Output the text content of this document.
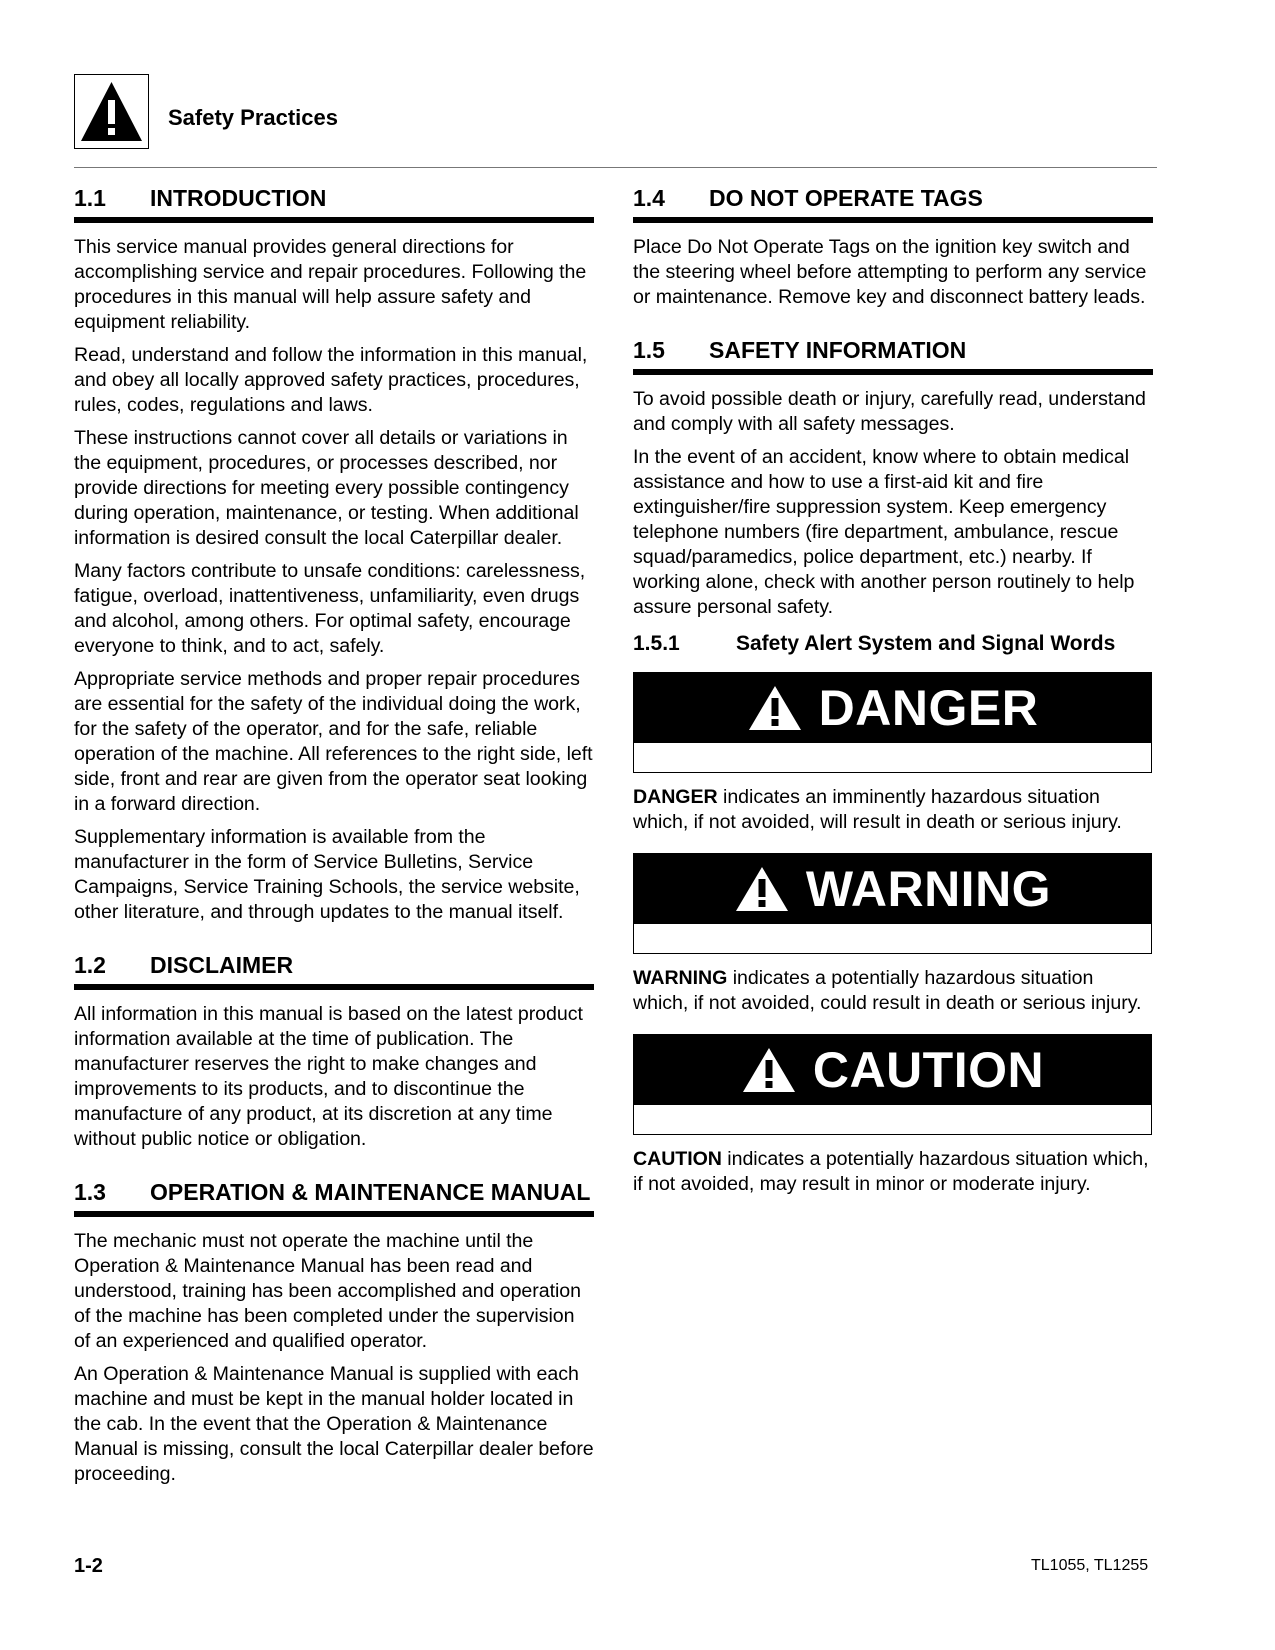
Safety Practices
1.1	INTRODUCTION

This service manual provides general directions for accomplishing service and repair procedures. Following the procedures in this manual will help assure safety and equipment reliability.

Read, understand and follow the information in this manual, and obey all locally approved safety practices, procedures, rules, codes, regulations and laws.

These instructions cannot cover all details or variations in the equipment, procedures, or processes described, nor provide directions for meeting every possible contingency during operation, maintenance, or testing. When additional information is desired consult the local Caterpillar dealer.

Many factors contribute to unsafe conditions: carelessness, fatigue, overload, inattentiveness, unfamiliarity, even drugs and alcohol, among others. For optimal safety, encourage everyone to think, and to act, safely.

Appropriate service methods and proper repair procedures are essential for the safety of the individual doing the work, for the safety of the operator, and for the safe, reliable operation of the machine. All references to the right side, left side, front and rear are given from the operator seat looking in a forward direction.

Supplementary information is available from the manufacturer in the form of Service Bulletins, Service Campaigns, Service Training Schools, the service website, other literature, and through updates to the manual itself.

1.2	DISCLAIMER

All information in this manual is based on the latest product information available at the time of publication. The manufacturer reserves the right to make changes and improvements to its products, and to discontinue the manufacture of any product, at its discretion at any time without public notice or obligation.

1.3	OPERATION & MAINTENANCE MANUAL

The mechanic must not operate the machine until the Operation & Maintenance Manual has been read and understood, training has been accomplished and operation of the machine has been completed under the supervision of an experienced and qualified operator.

An Operation & Maintenance Manual is supplied with each machine and must be kept in the manual holder located in the cab. In the event that the Operation & Maintenance Manual is missing, consult the local Caterpillar dealer before proceeding.

1.4	DO NOT OPERATE TAGS

Place Do Not Operate Tags on the ignition key switch and the steering wheel before attempting to perform any service or maintenance. Remove key and disconnect battery leads.

1.5	SAFETY INFORMATION

To avoid possible death or injury, carefully read, understand and comply with all safety messages.

In the event of an accident, know where to obtain medical assistance and how to use a first-aid kit and fire extinguisher/fire suppression system. Keep emergency telephone numbers (fire department, ambulance, rescue squad/paramedics, police department, etc.) nearby. If working alone, check with another person routinely to help assure personal safety.

1.5.1	Safety Alert System and Signal Words
DANGER

DANGER indicates an imminently hazardous situation which, if not avoided, will result in death or serious injury.

WARNING

WARNING indicates a potentially hazardous situation which, if not avoided, could result in death or serious injury.

CAUTION

CAUTION indicates a potentially hazardous situation which, if not avoided, may result in minor or moderate injury.

1-2	TL1055, TL1255
